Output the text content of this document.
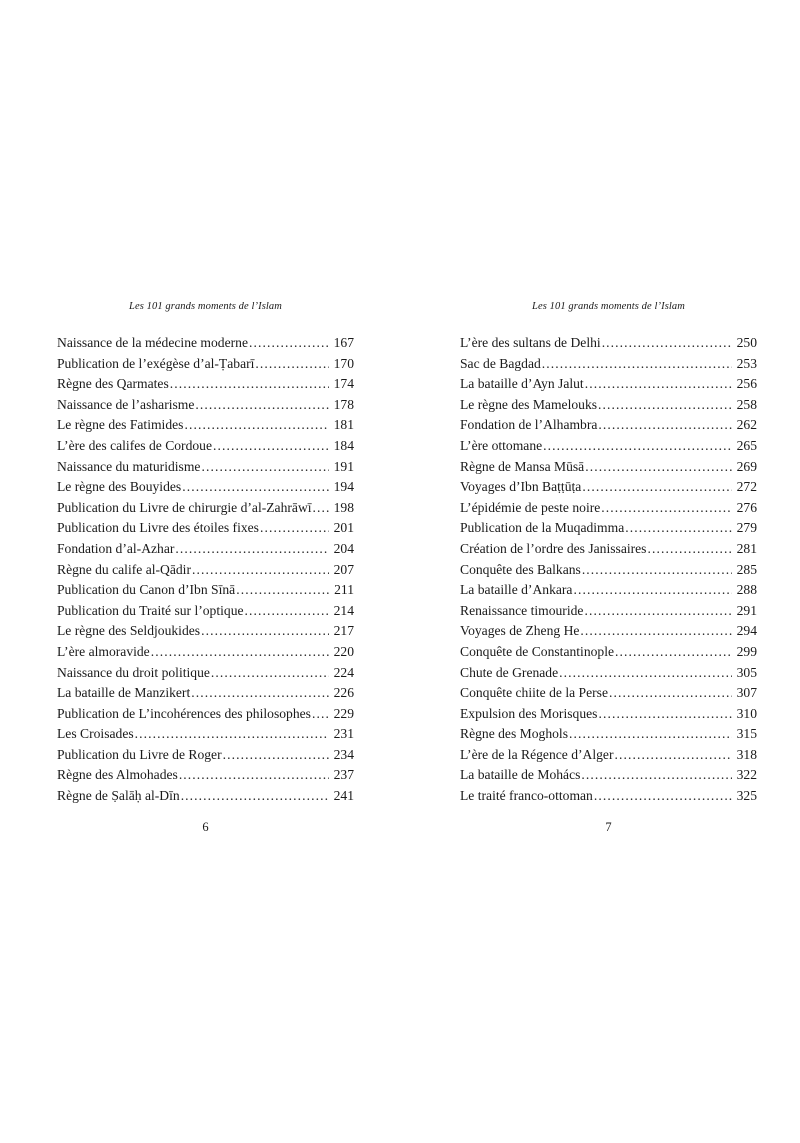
Les 101 grands moments de l’Islam
Naissance de la médecine moderne .....	167
Publication de l’exégèse d’al-Ṭabarī .....	170
Règne des Qarmates .....	174
Naissance de l’asharisme .....	178
Le règne des Fatimides .....	181
L’ère des califes de Cordoue .....	184
Naissance du maturidisme .....	191
Le règne des Bouyides .....	194
Publication du Livre de chirurgie d’al-Zahrāwī ..... 198
Publication du Livre des étoiles fixes .....	201
Fondation d’al-Azhar .....	204
Règne du calife al-Qādir .....	207
Publication du Canon d’Ibn Sīnā .....	211
Publication du Traité sur l’optique .....	214
Le règne des Seldjoukides .....	217
L’ère almoravide .....	220
Naissance du droit politique .....	224
La bataille de Manzikert .....	226
Publication de L’incohérences des philosophes ..... 229
Les Croisades .....	231
Publication du Livre de Roger .....	234
Règne des Almohades .....	237
Règne de Ṣalāḥ al-Dīn .....	241
6
Les 101 grands moments de l’Islam
L’ère des sultans de Delhi .....	250
Sac de Bagdad .....	253
La bataille d’Ayn Jalut .....	256
Le règne des Mamelouks .....	258
Fondation de l’Alhambra .....	262
L’ère ottomane .....	265
Règne de Mansa Mūsā .....	269
Voyages d’Ibn Baṭṭūṭa .....	272
L’épidémie de peste noire .....	276
Publication de la Muqadimma .....	279
Création de l’ordre des Janissaires .....	281
Conquête des Balkans .....	285
La bataille d’Ankara .....	288
Renaissance timouride .....	291
Voyages de Zheng He .....	294
Conquête de Constantinople .....	299
Chute de Grenade .....	305
Conquête chiite de la Perse .....	307
Expulsion des Morisques .....	310
Règne des Moghols .....	315
L’ère de la Régence d’Alger .....	318
La bataille de Mohács .....	322
Le traité franco-ottoman .....	325
7
